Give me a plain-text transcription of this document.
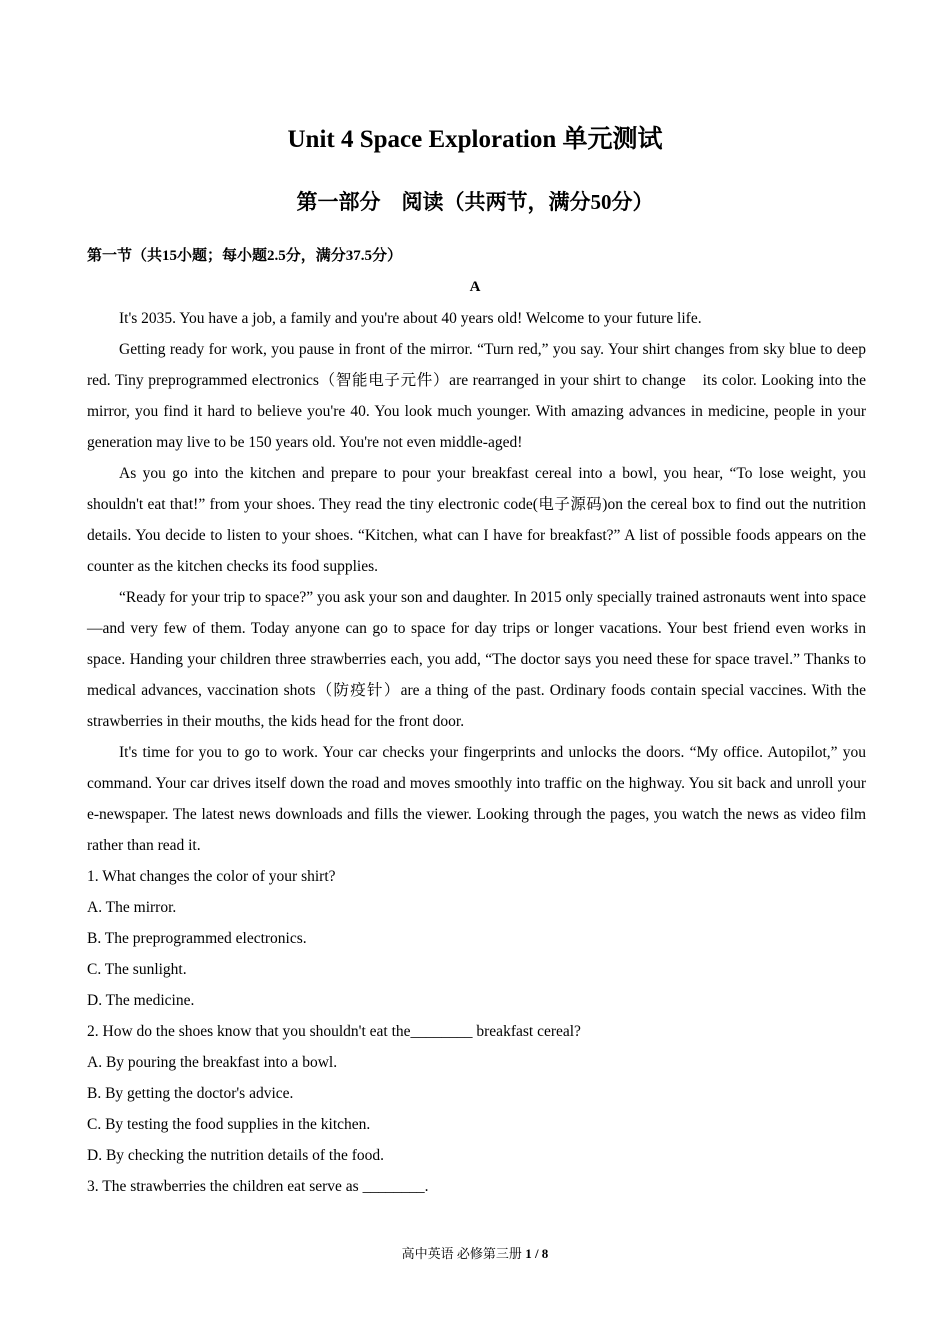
Unit 4 Space Exploration 单元测试
第一部分　阅读（共两节，满分50分）
第一节（共15小题；每小题2.5分，满分37.5分）
A

It's 2035. You have a job, a family and you're about 40 years old! Welcome to your future life.

Getting ready for work, you pause in front of the mirror. “Turn red,” you say. Your shirt changes from sky blue to deep red. Tiny preprogrammed electronics（智能电子元件）are rearranged in your shirt to change　its color. Looking into the mirror, you find it hard to believe you're 40. You look much younger. With amazing advances in medicine, people in your generation may live to be 150 years old. You're not even middle-aged!

As you go into the kitchen and prepare to pour your breakfast cereal into a bowl, you hear, “To lose weight, you shouldn't eat that!” from your shoes. They read the tiny electronic code(电子源码)on the cereal box to find out the nutrition details. You decide to listen to your shoes. “Kitchen, what can I have for breakfast?” A list of possible foods appears on the counter as the kitchen checks its food supplies.

“Ready for your trip to space?” you ask your son and daughter. In 2015 only specially trained astronauts went into space—and very few of them. Today anyone can go to space for day trips or longer vacations. Your best friend even works in space. Handing your children three strawberries each, you add, “The doctor says you need these for space travel.” Thanks to medical advances, vaccination shots（防疫针）are a thing of the past. Ordinary foods contain special vaccines. With the strawberries in their mouths, the kids head for the front door.

It's time for you to go to work. Your car checks your fingerprints and unlocks the doors. “My office. Autopilot,” you command. Your car drives itself down the road and moves smoothly into traffic on the highway. You sit back and unroll your e‐newspaper. The latest news downloads and fills the viewer. Looking through the pages, you watch the news as video film rather than read it.

1. What changes the color of your shirt?

A. The mirror.

B. The preprogrammed electronics.

C. The sunlight.

D. The medicine.

2. How do the shoes know that you shouldn't eat the________ breakfast cereal?

A. By pouring the breakfast into a bowl.

B. By getting the doctor's advice.

C. By testing the food supplies in the kitchen.

D. By checking the nutrition details of the food.

3. The strawberries the children eat serve as ________.

高中英语 必修第三册 1 / 8
